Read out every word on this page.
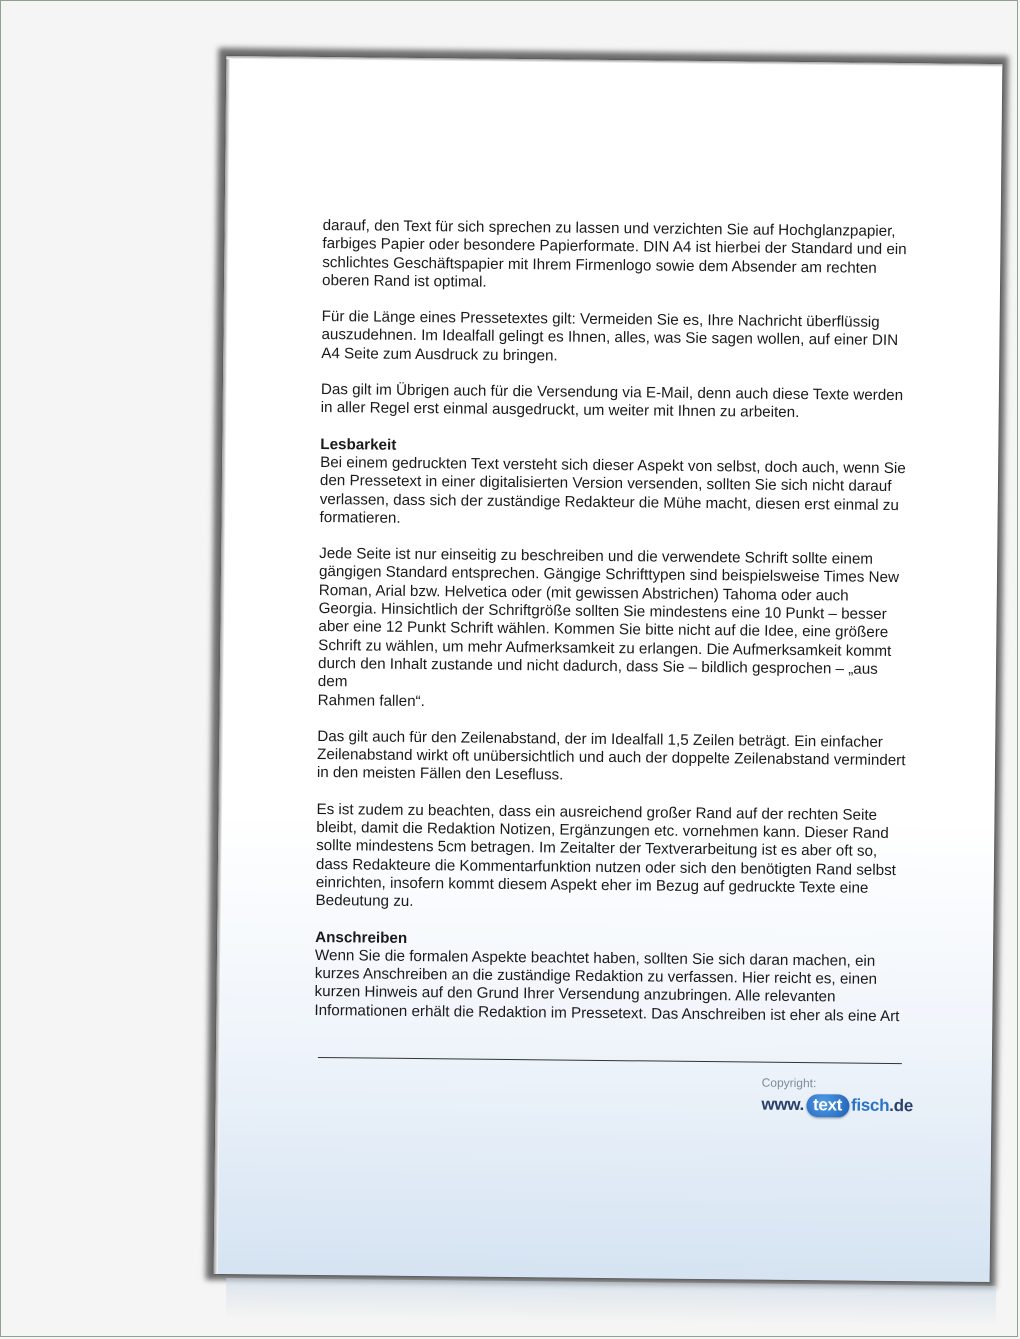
darauf, den Text für sich sprechen zu lassen und verzichten Sie auf Hochglanzpapier,
farbiges Papier oder besondere Papierformate. DIN A4 ist hierbei der Standard und ein
schlichtes Geschäftspapier mit Ihrem Firmenlogo sowie dem Absender am rechten
oberen Rand ist optimal.

Für die Länge eines Pressetextes gilt: Vermeiden Sie es, Ihre Nachricht überflüssig
auszudehnen. Im Idealfall gelingt es Ihnen, alles, was Sie sagen wollen, auf einer DIN
A4 Seite zum Ausdruck zu bringen.

Das gilt im Übrigen auch für die Versendung via E-Mail, denn auch diese Texte werden
in aller Regel erst einmal ausgedruckt, um weiter mit Ihnen zu arbeiten.

Lesbarkeit

Bei einem gedruckten Text versteht sich dieser Aspekt von selbst, doch auch, wenn Sie
den Pressetext in einer digitalisierten Version versenden, sollten Sie sich nicht darauf
verlassen, dass sich der zuständige Redakteur die Mühe macht, diesen erst einmal zu
formatieren.

Jede Seite ist nur einseitig zu beschreiben und die verwendete Schrift sollte einem
gängigen Standard entsprechen. Gängige Schrifttypen sind beispielsweise Times New
Roman, Arial bzw. Helvetica oder (mit gewissen Abstrichen) Tahoma oder auch
Georgia. Hinsichtlich der Schriftgröße sollten Sie mindestens eine 10 Punkt – besser
aber eine 12 Punkt Schrift wählen. Kommen Sie bitte nicht auf die Idee, eine größere
Schrift zu wählen, um mehr Aufmerksamkeit zu erlangen. Die Aufmerksamkeit kommt
durch den Inhalt zustande und nicht dadurch, dass Sie – bildlich gesprochen – „aus dem
Rahmen fallen“.

Das gilt auch für den Zeilenabstand, der im Idealfall 1,5 Zeilen beträgt. Ein einfacher
Zeilenabstand wirkt oft unübersichtlich und auch der doppelte Zeilenabstand vermindert
in den meisten Fällen den Lesefluss.

Es ist zudem zu beachten, dass ein ausreichend großer Rand auf der rechten Seite
bleibt, damit die Redaktion Notizen, Ergänzungen etc. vornehmen kann. Dieser Rand
sollte mindestens 5cm betragen. Im Zeitalter der Textverarbeitung ist es aber oft so,
dass Redakteure die Kommentarfunktion nutzen oder sich den benötigten Rand selbst
einrichten, insofern kommt diesem Aspekt eher im Bezug auf gedruckte Texte eine
Bedeutung zu.

Anschreiben

Wenn Sie die formalen Aspekte beachtet haben, sollten Sie sich daran machen, ein
kurzes Anschreiben an die zuständige Redaktion zu verfassen. Hier reicht es, einen
kurzen Hinweis auf den Grund Ihrer Versendung anzubringen. Alle relevanten
Informationen erhält die Redaktion im Pressetext. Das Anschreiben ist eher als eine Art

Copyright:
www. text fisch .de
